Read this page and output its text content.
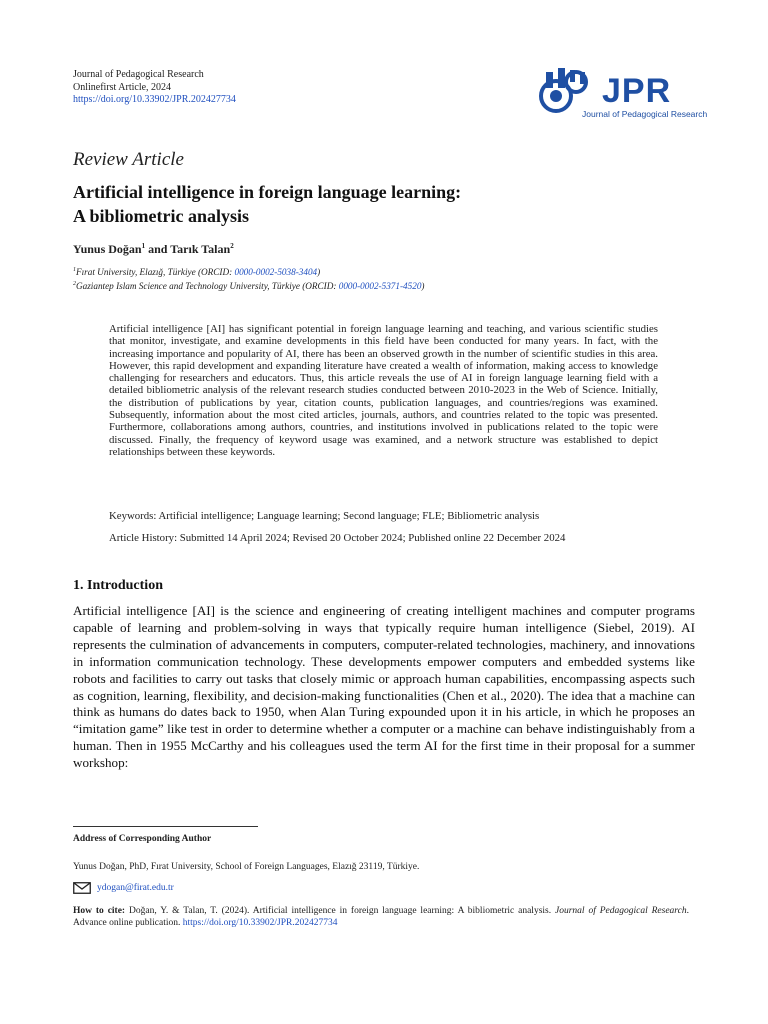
Journal of Pedagogical Research
Onlinefirst Article, 2024
https://doi.org/10.33902/JPR.202427734	JPR
Journal of Pedagogical Research
Review Article
Artificial intelligence in foreign language learning:
A bibliometric analysis
Yunus Doğan$^1$ and Tarık Talan$^2$
$^1$Fırat University, Elazığ, Türkiye (ORCID: 0000-0002-5038-3404)
$^2$Gaziantep Islam Science and Technology University, Türkiye (ORCID: 0000-0002-5371-4520)
Artificial intelligence [AI] has significant potential in foreign language learning and teaching, and various scientific studies that monitor, investigate, and examine developments in this field have been conducted for many years. In fact, with the increasing importance and popularity of AI, there has been an observed growth in the number of scientific studies in this area. However, this rapid development and expanding literature have created a wealth of information, making access to knowledge challenging for researchers and educators. Thus, this article reveals the use of AI in foreign language learning field with a detailed bibliometric analysis of the relevant research studies conducted between 2010-2023 in the Web of Science. Initially, the distribution of publications by year, citation counts, publication languages, and countries/regions was examined. Subsequently, information about the most cited articles, journals, authors, and countries related to the topic was presented. Furthermore, collaborations among authors, countries, and institutions involved in publications related to the topic were discussed. Finally, the frequency of keyword usage was examined, and a network structure was established to depict relationships between these keywords.
Keywords: Artificial intelligence; Language learning; Second language; FLE; Bibliometric analysis
Article History: Submitted 14 April 2024; Revised 20 October 2024; Published online 22 December 2024
1. Introduction
Artificial intelligence [AI] is the science and engineering of creating intelligent machines and computer programs capable of learning and problem-solving in ways that typically require human intelligence (Siebel, 2019). AI represents the culmination of advancements in computers, computer-related technologies, machinery, and innovations in information communication technology. These developments empower computers and embedded systems like robots and facilities to carry out tasks that closely mimic or approach human capabilities, encompassing aspects such as cognition, learning, flexibility, and decision-making functionalities (Chen et al., 2020). The idea that a machine can think as humans do dates back to 1950, when Alan Turing expounded upon it in his article, in which he proposes an “imitation game” like test in order to determine whether a computer or a machine can behave indistinguishably from a human. Then in 1955 McCarthy and his colleagues used the term AI for the first time in their proposal for a summer workshop:
Address of Corresponding Author
Yunus Doğan, PhD, Fırat University, School of Foreign Languages, Elazığ 23119, Türkiye.
ydogan@firat.edu.tr
How to cite: Doğan, Y. & Talan, T. (2024). Artificial intelligence in foreign language learning: A bibliometric analysis. Journal of Pedagogical Research. Advance online publication. https://doi.org/10.33902/JPR.202427734
